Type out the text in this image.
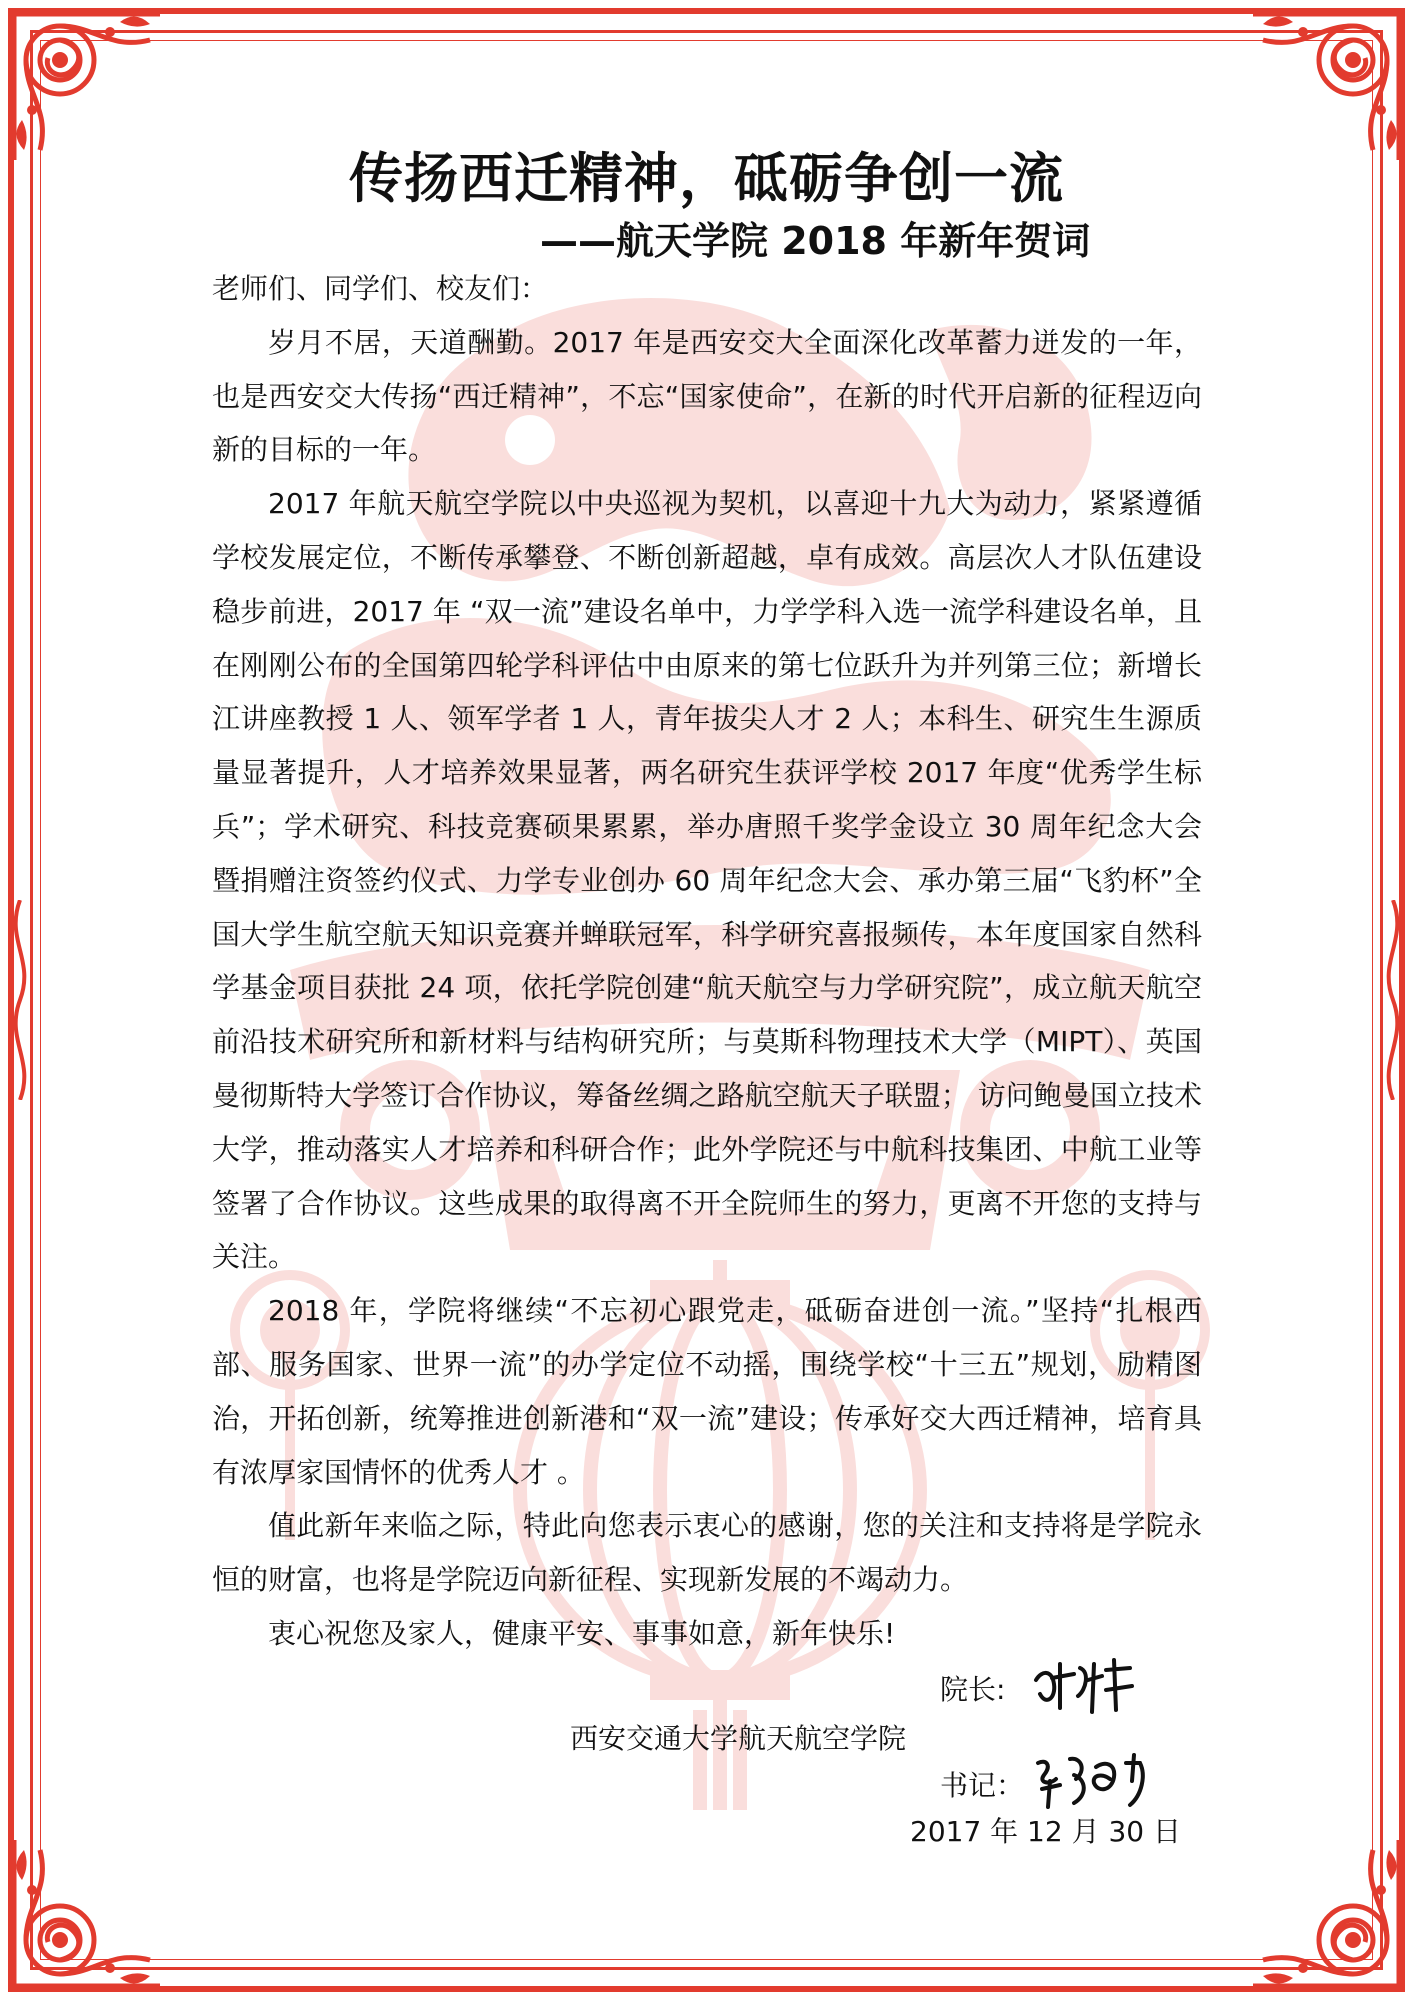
传扬西迁精神，砥砺争创一流
——航天学院 2018 年新年贺词

老师们、同学们、校友们：

岁月不居，天道酬勤。2017 年是西安交大全面深化改革蓄力迸发的一年，也是西安交大传扬“西迁精神”，不忘“国家使命”，在新的时代开启新的征程迈向新的目标的一年。

2017 年航天航空学院以中央巡视为契机，以喜迎十九大为动力，紧紧遵循学校发展定位，不断传承攀登、不断创新超越，卓有成效。高层次人才队伍建设稳步前进，2017 年 “双一流”建设名单中，力学学科入选一流学科建设名单，且在刚刚公布的全国第四轮学科评估中由原来的第七位跃升为并列第三位；新增长江讲座教授 1 人、领军学者 1 人，青年拔尖人才 2 人；本科生、研究生生源质量显著提升，人才培养效果显著，两名研究生获评学校 2017 年度“优秀学生标兵”；学术研究、科技竞赛硕果累累，举办唐照千奖学金设立 30 周年纪念大会暨捐赠注资签约仪式、力学专业创办 60 周年纪念大会、承办第三届“飞豹杯”全国大学生航空航天知识竞赛并蝉联冠军，科学研究喜报频传，本年度国家自然科学基金项目获批 24 项，依托学院创建“航天航空与力学研究院”，成立航天航空前沿技术研究所和新材料与结构研究所；与莫斯科物理技术大学（MIPT）、英国曼彻斯特大学签订合作协议，筹备丝绸之路航空航天子联盟； 访问鲍曼国立技术大学，推动落实人才培养和科研合作；此外学院还与中航科技集团、中航工业等签署了合作协议。这些成果的取得离不开全院师生的努力，更离不开您的支持与关注。

2018 年，学院将继续“不忘初心跟党走，砥砺奋进创一流。”坚持“扎根西部、服务国家、世界一流”的办学定位不动摇，围绕学校“十三五”规划，励精图治，开拓创新，统筹推进创新港和“双一流”建设；传承好交大西迁精神，培育具有浓厚家国情怀的优秀人才 。

值此新年来临之际，特此向您表示衷心的感谢，您的关注和支持将是学院永恒的财富，也将是学院迈向新征程、实现新发展的不竭动力。

衷心祝您及家人，健康平安、事事如意，新年快乐!

院长:
西安交通大学航天航空学院
书记：
2017 年 12 月 30 日
